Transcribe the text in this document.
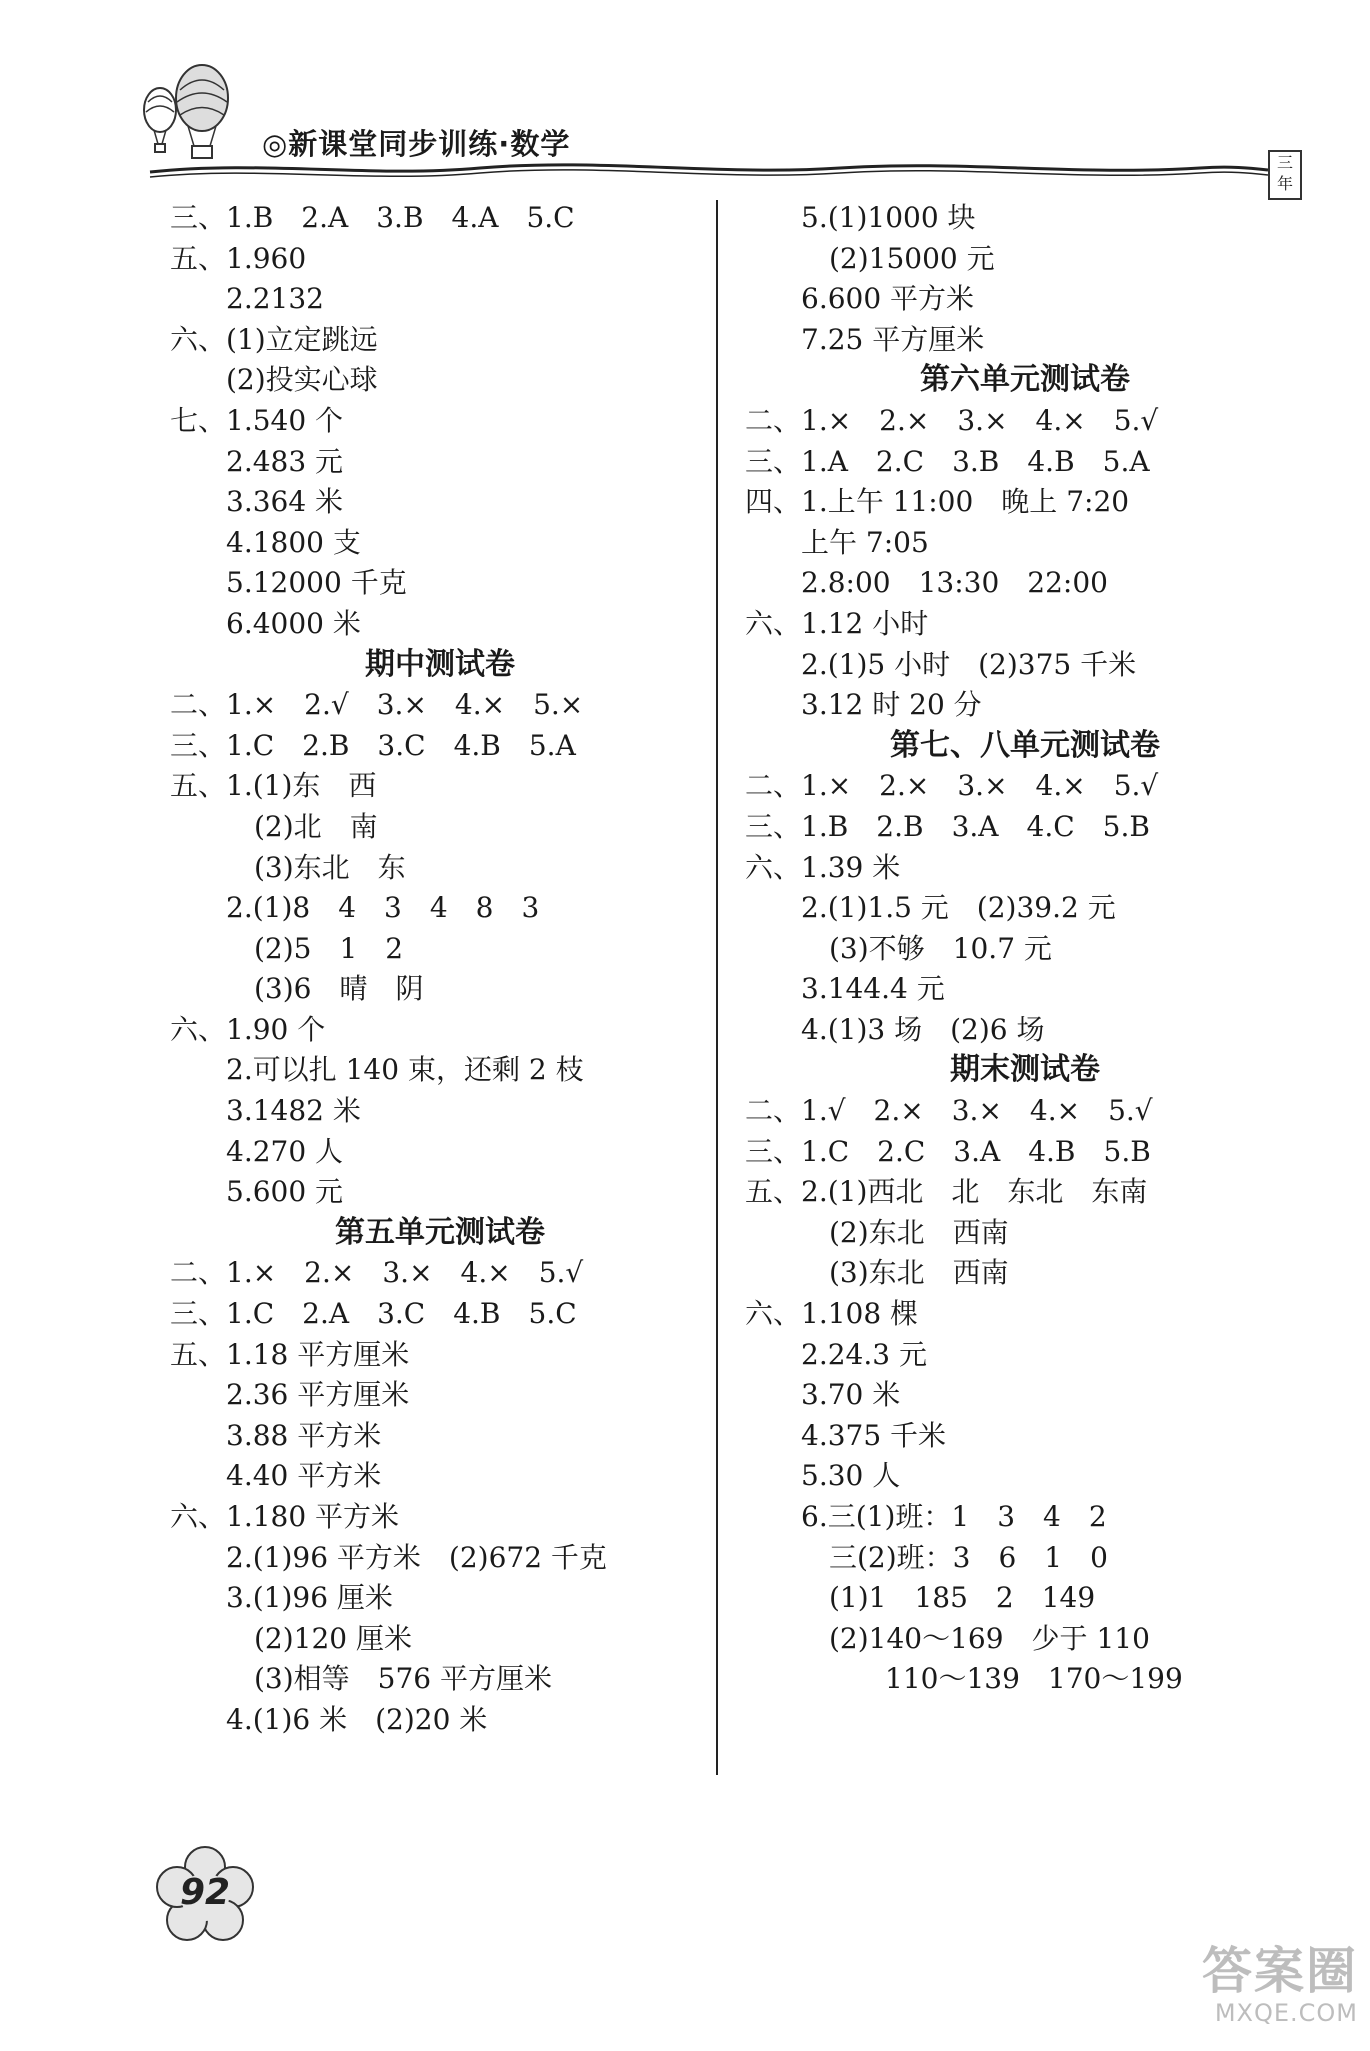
◎新课堂同步训练·数学
三年
三、1.B　2.A　3.B　4.A　5.C
五、1.960
　　2.2132
六、(1)立定跳远
　　(2)投实心球
七、1.540 个
　　2.483 元
　　3.364 米
　　4.1800 支
　　5.12000 千克
　　6.4000 米
期中测试卷
二、1.×　2.√　3.×　4.×　5.×
三、1.C　2.B　3.C　4.B　5.A
五、1.(1)东　西
　　　(2)北　南
　　　(3)东北　东
　　2.(1)8　4　3　4　8　3
　　　(2)5　1　2
　　　(3)6　晴　阴
六、1.90 个
　　2.可以扎 140 束，还剩 2 枝
　　3.1482 米
　　4.270 人
　　5.600 元
第五单元测试卷
二、1.×　2.×　3.×　4.×　5.√
三、1.C　2.A　3.C　4.B　5.C
五、1.18 平方厘米
　　2.36 平方厘米
　　3.88 平方米
　　4.40 平方米
六、1.180 平方米
　　2.(1)96 平方米　(2)672 千克
　　3.(1)96 厘米
　　　(2)120 厘米
　　　(3)相等　576 平方厘米
　　4.(1)6 米　(2)20 米
　　5.(1)1000 块
　　　(2)15000 元
　　6.600 平方米
　　7.25 平方厘米
第六单元测试卷
二、1.×　2.×　3.×　4.×　5.√
三、1.A　2.C　3.B　4.B　5.A
四、1.上午 11:00　晚上 7:20
　　上午 7:05
　　2.8:00　13:30　22:00
六、1.12 小时
　　2.(1)5 小时　(2)375 千米
　　3.12 时 20 分
第七、八单元测试卷
二、1.×　2.×　3.×　4.×　5.√
三、1.B　2.B　3.A　4.C　5.B
六、1.39 米
　　2.(1)1.5 元　(2)39.2 元
　　　(3)不够　10.7 元
　　3.144.4 元
　　4.(1)3 场　(2)6 场
期末测试卷
二、1.√　2.×　3.×　4.×　5.√
三、1.C　2.C　3.A　4.B　5.B
五、2.(1)西北　北　东北　东南
　　　(2)东北　西南
　　　(3)东北　西南
六、1.108 棵
　　2.24.3 元
　　3.70 米
　　4.375 千米
　　5.30 人
　　6.三(1)班：1　3　4　2
　　　三(2)班：3　6　1　0
　　　(1)1　185　2　149
　　　(2)140～169　少于 110
　　　　　110～139　170～199
92
答案圈
MXQE.COM
